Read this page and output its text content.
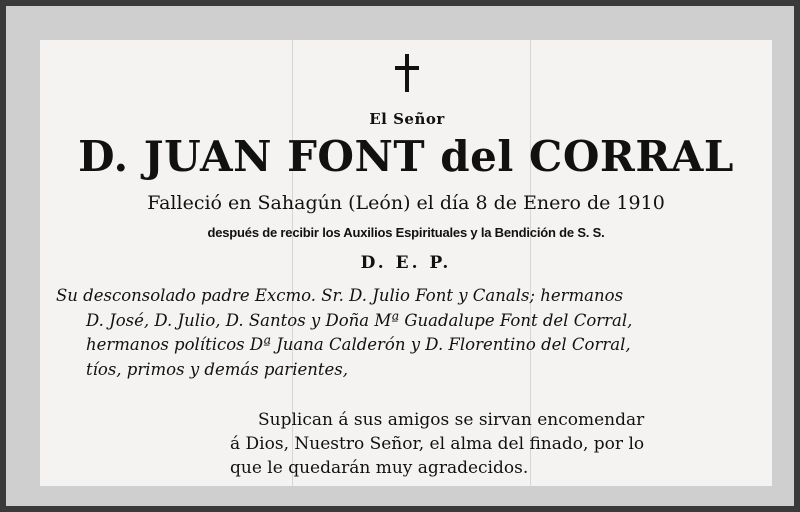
El Señor
D. JUAN FONT del CORRAL
Falleció en Sahagún (León) el día 8 de Enero de 1910
después de recibir los Auxilios Espirituales y la Bendición de S. S.
D. E. P.
Su desconsolado padre Excmo. Sr. D. Julio Font y Canals; hermanos
D. José, D. Julio, D. Santos y Doña Mª Guadalupe Font del Corral,
hermanos políticos Dª Juana Calderón y D. Florentino del Corral,
tíos, primos y demás parientes,
Suplican á sus amigos se sirvan encomendar
á Dios, Nuestro Señor, el alma del finado, por lo
que le quedarán muy agradecidos.
